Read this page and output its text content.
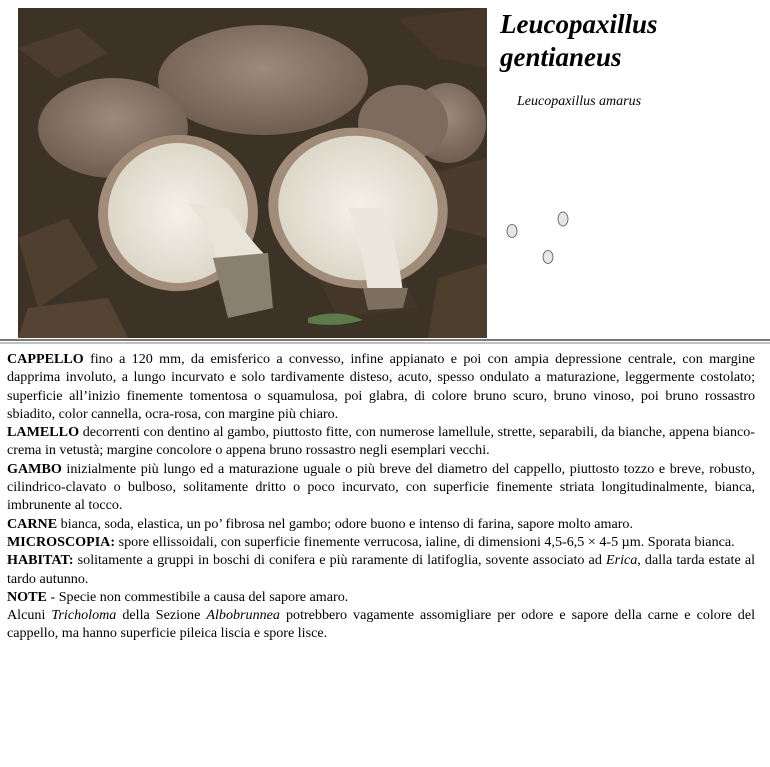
Leucopaxillus
gentianeus
Leucopaxillus amarus

CAPPELLO fino a 120 mm, da emisferico a convesso, infine appianato e poi con ampia depressione centrale, con margine dapprima involuto, a lungo incurvato e solo tardivamente disteso, acuto, spesso ondulato a maturazione, leggermente costolato; superficie all’inizio finemente tomentosa o squamulosa, poi glabra, di colore bruno scuro, bruno vinoso, poi bruno rossastro sbiadito, color cannella, ocra-rosa, con margine più chiaro.

LAMELLO decorrenti con dentino al gambo, piuttosto fitte, con numerose lamellule, strette, separabili, da bianche, appena bianco-crema in vetustà; margine concolore o appena bruno rossastro negli esemplari vecchi.

GAMBO inizialmente più lungo ed a maturazione uguale o più breve del diametro del cappello, piuttosto tozzo e breve, robusto, cilindrico-clavato o bulboso, solitamente dritto o poco incurvato, con superficie finemente striata longitudinalmente, bianca, imbrunente al tocco.

CARNE bianca, soda, elastica, un po’ fibrosa nel gambo; odore buono e intenso di farina, sapore molto amaro.

MICROSCOPIA: spore ellissoidali, con superficie finemente verrucosa, ialine, di dimensioni 4,5-6,5 × 4-5 µm. Sporata bianca.

HABITAT: solitamente a gruppi in boschi di conifera e più raramente di latifoglia, sovente associato ad Erica, dalla tarda estate al tardo autunno.

NOTE - Specie non commestibile a causa del sapore amaro.

Alcuni Tricholoma della Sezione Albobrunnea potrebbero vagamente assomigliare per odore e sapore della carne e colore del cappello, ma hanno superficie pileica liscia e spore lisce.
